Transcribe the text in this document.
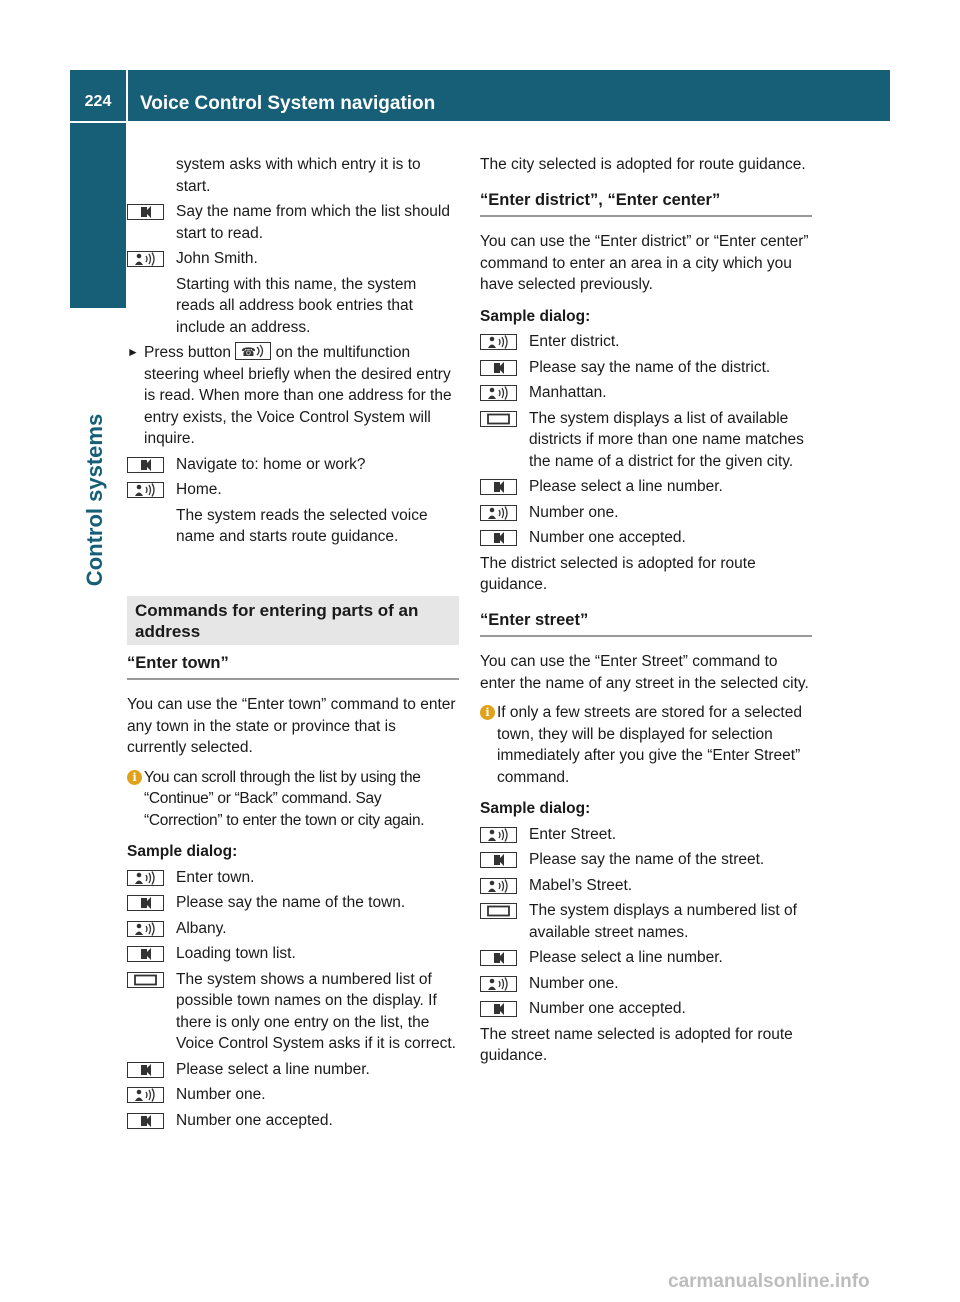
224	Voice Control System navigation
Control systems
system asks with which entry it is to start.
Say the name from which the list should start to read.
John Smith.
Starting with this name, the system reads all address book entries that include an address.
► Press button ☎ on the multifunction steering wheel briefly when the desired entry is read. When more than one address for the entry exists, the Voice Control System will inquire.
Navigate to: home or work?
Home.
The system reads the selected voice name and starts route guidance.
Commands for entering parts of an address
“Enter town”
You can use the “Enter town” command to enter any town in the state or province that is currently selected.
i You can scroll through the list by using the “Continue” or “Back” command. Say “Correction” to enter the town or city again.
Sample dialog:
Enter town.
Please say the name of the town.
Albany.
Loading town list.
The system shows a numbered list of possible town names on the display. If there is only one entry on the list, the Voice Control System asks if it is correct.
Please select a line number.
Number one.
Number one accepted.
The city selected is adopted for route guidance.
“Enter district”, “Enter center”
You can use the “Enter district” or “Enter center” command to enter an area in a city which you have selected previously.
Sample dialog:
Enter district.
Please say the name of the district.
Manhattan.
The system displays a list of available districts if more than one name matches the name of a district for the given city.
Please select a line number.
Number one.
Number one accepted.
The district selected is adopted for route guidance.
“Enter street”
You can use the “Enter Street” command to enter the name of any street in the selected city.
i If only a few streets are stored for a selected town, they will be displayed for selection immediately after you give the “Enter Street” command.
Sample dialog:
Enter Street.
Please say the name of the street.
Mabel’s Street.
The system displays a numbered list of available street names.
Please select a line number.
Number one.
Number one accepted.
The street name selected is adopted for route guidance.
carmanualsonline.info
